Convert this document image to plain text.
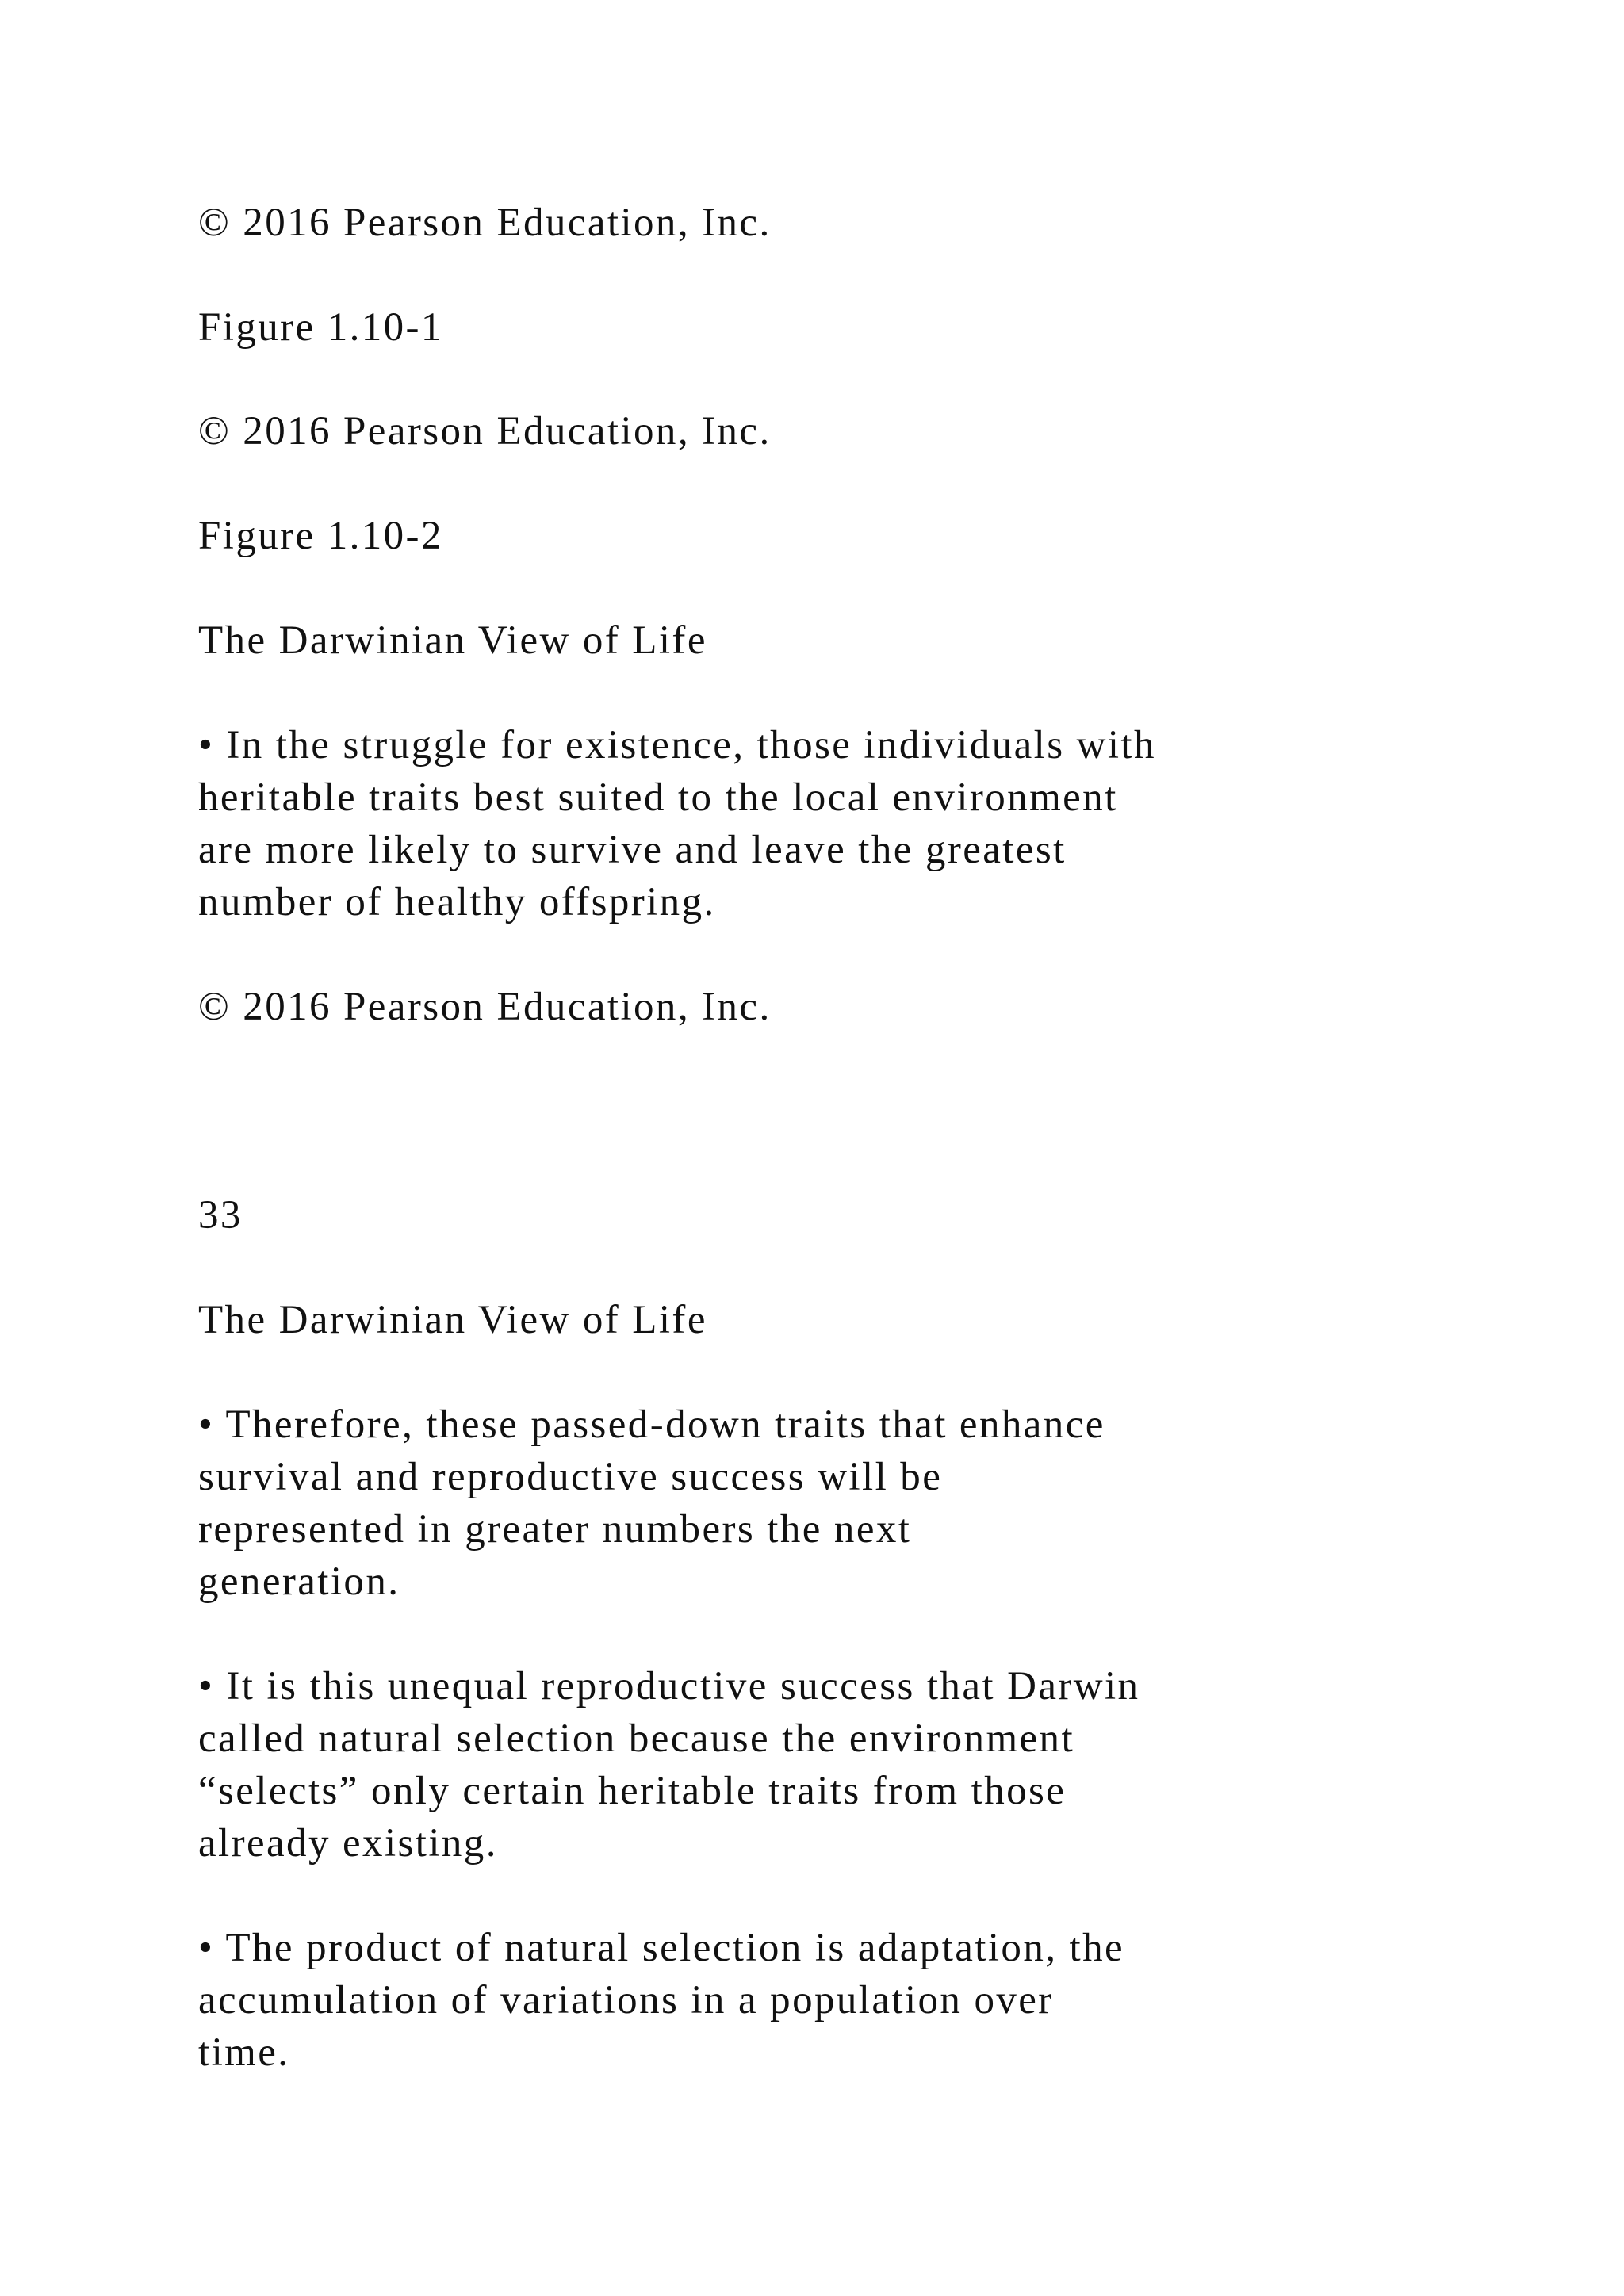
© 2016 Pearson Education, Inc.

Figure 1.10-1

© 2016 Pearson Education, Inc.

Figure 1.10-2

The Darwinian View of Life

• In the struggle for existence, those individuals with

heritable traits best suited to the local environment

are more likely to survive and leave the greatest

number of healthy offspring.

© 2016 Pearson Education, Inc.

33

The Darwinian View of Life

• Therefore, these passed-down traits that enhance

survival and reproductive success will be

represented in greater numbers the next

generation.

• It is this unequal reproductive success that Darwin

called natural selection because the environment

“selects” only certain heritable traits from those

already existing.

• The product of natural selection is adaptation, the

accumulation of variations in a population over

time.
